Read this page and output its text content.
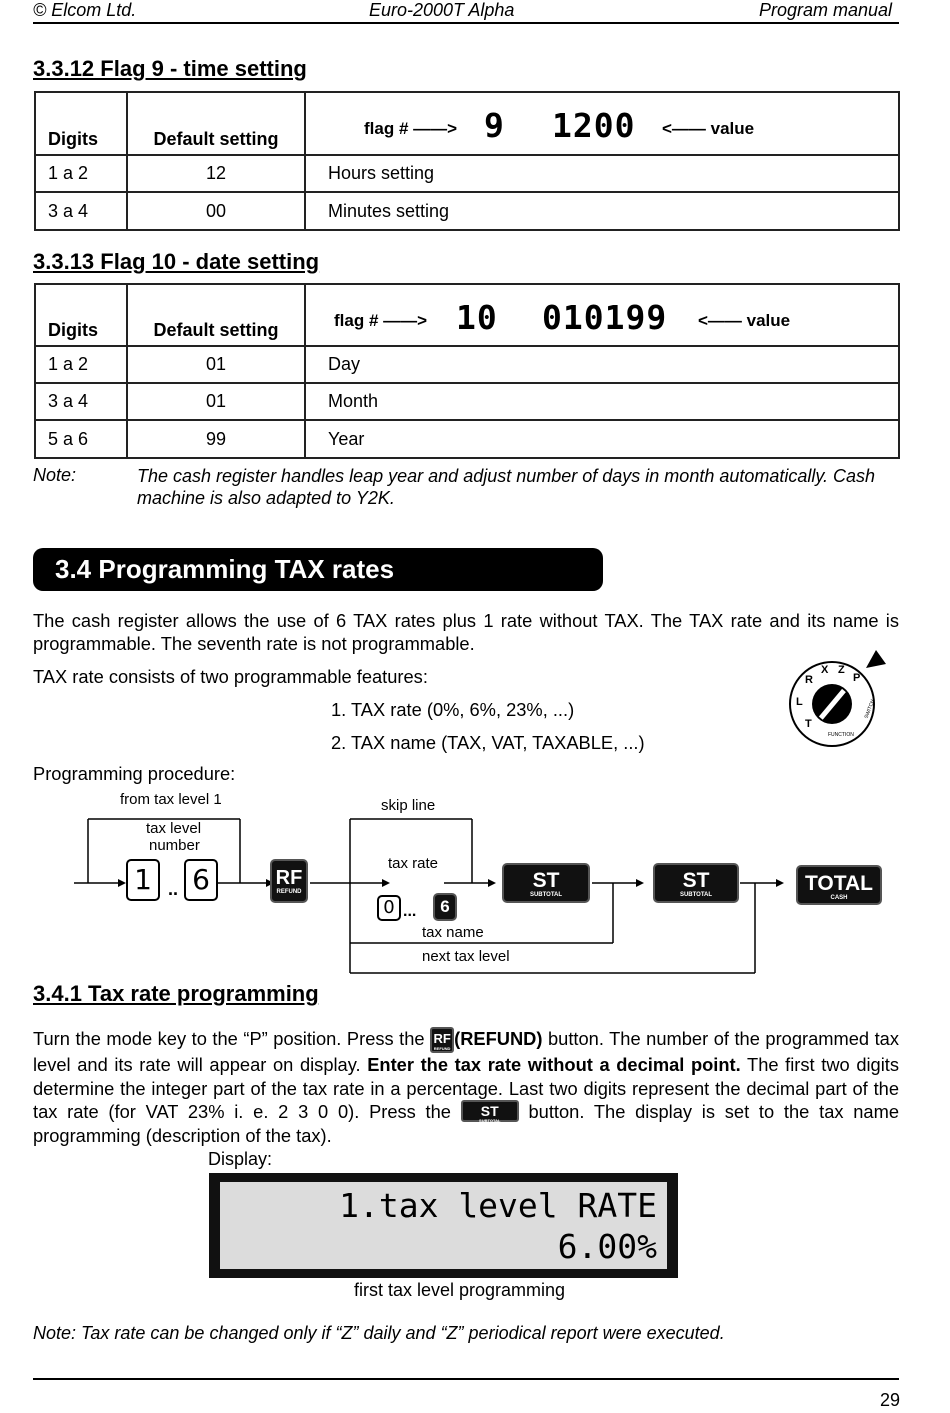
© Elcom Ltd.	Euro-2000T Alpha	Program manual
3.3.12 Flag 9 - time setting
Digits	Default setting	flag # ——> 9 1200 <—— value

1 a 2	12	Hours setting
3 a 4	00	Minutes setting
3.3.13 Flag 10 - date setting
Digits	Default setting	flag # ——> 10 010199 <—— value

1 a 2	01	Day
3 a 4	01	Month
5 a 6	99	Year
Note:	The cash register handles leap year and adjust number of days in month automatically. Cash machine is also adapted to Y2K.
3.4 Programming TAX rates
The cash register allows the use of 6 TAX rates plus 1 rate without TAX. The TAX rate and its name is programmable. The seventh rate is not programmable.
TAX rate consists of two programmable features:
1. TAX rate (0%, 6%, 23%, ...)
2. TAX name (TAX, VAT, TAXABLE, ...)
Programming procedure:
R
X Z
P
L
T
FUNCTION
SWITCH
from tax level 1
tax level
number
1 .. 6	RF
REFUND
skip line
tax rate
0 ...	6
tax name
next tax level
ST
SUBTOTAL
ST
SUBTOTAL	TOTAL
CASH
3.4.1 Tax rate programming
Turn the mode key to the “P” position. Press the RF
REFUND (REFUND) button. The number of the programmed tax level and its rate will appear on display. Enter the tax rate without a decimal point. The first two digits determine the integer part of the tax rate in a percentage. Last two digits represent the decimal part of the tax rate (for VAT 23% i. e. 2 3 0 0). Press the ST
SUBTOTAL button. The display is set to the tax name programming (description of the tax).
Display:
1.tax level RATE
6.00%
first tax level programming
Note: Tax rate can be changed only if “Z” daily and “Z” periodical report were executed.
29
